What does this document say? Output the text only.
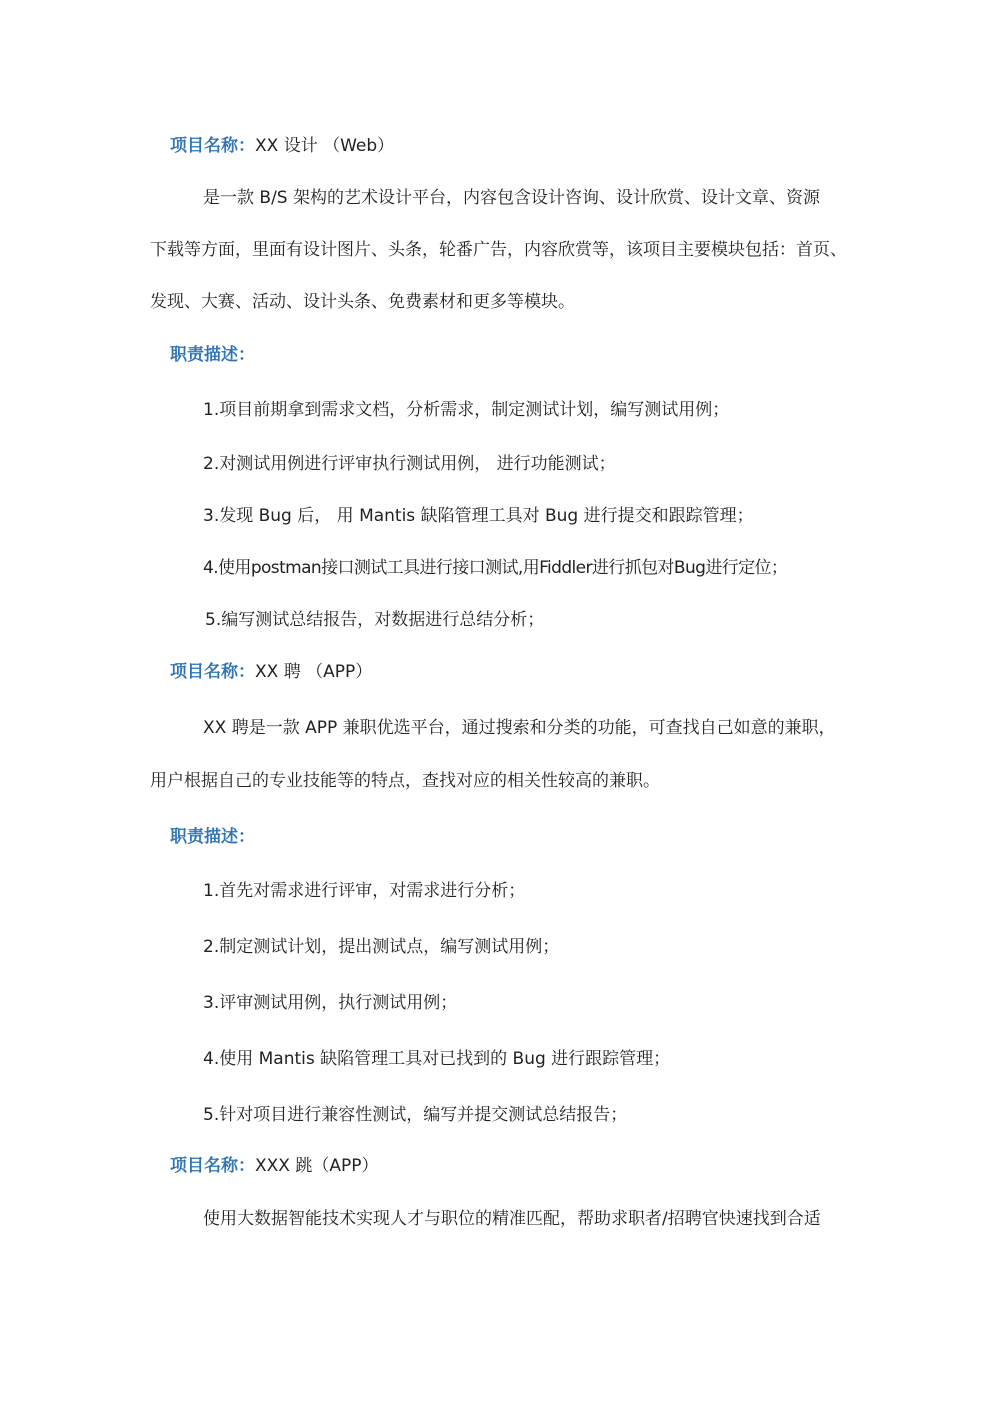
项目名称：XX 设计 （Web）
是一款 B/S 架构的艺术设计平台，内容包含设计咨询、设计欣赏、设计文章、资源
下载等方面，里面有设计图片、头条，轮番广告，内容欣赏等，该项目主要模块包括：首页、
发现、大赛、活动、设计头条、免费素材和更多等模块。
职责描述：
1.项目前期拿到需求文档，分析需求，制定测试计划，编写测试用例；
2.对测试用例进行评审执行测试用例， 进行功能测试；
3.发现 Bug 后， 用 Mantis 缺陷管理工具对 Bug 进行提交和跟踪管理；
4.使用postman接口测试工具进行接口测试,用Fiddler进行抓包对Bug进行定位；
5.编写测试总结报告，对数据进行总结分析；
项目名称：XX 聘 （APP）
XX 聘是一款 APP 兼职优选平台，通过搜索和分类的功能，可查找自己如意的兼职，
用户根据自己的专业技能等的特点，查找对应的相关性较高的兼职。
职责描述：
1.首先对需求进行评审，对需求进行分析；
2.制定测试计划，提出测试点，编写测试用例；
3.评审测试用例，执行测试用例；
4.使用 Mantis 缺陷管理工具对已找到的 Bug 进行跟踪管理；
5.针对项目进行兼容性测试，编写并提交测试总结报告；
项目名称：XXX 跳（APP）
使用大数据智能技术实现人才与职位的精准匹配，帮助求职者/招聘官快速找到合适
